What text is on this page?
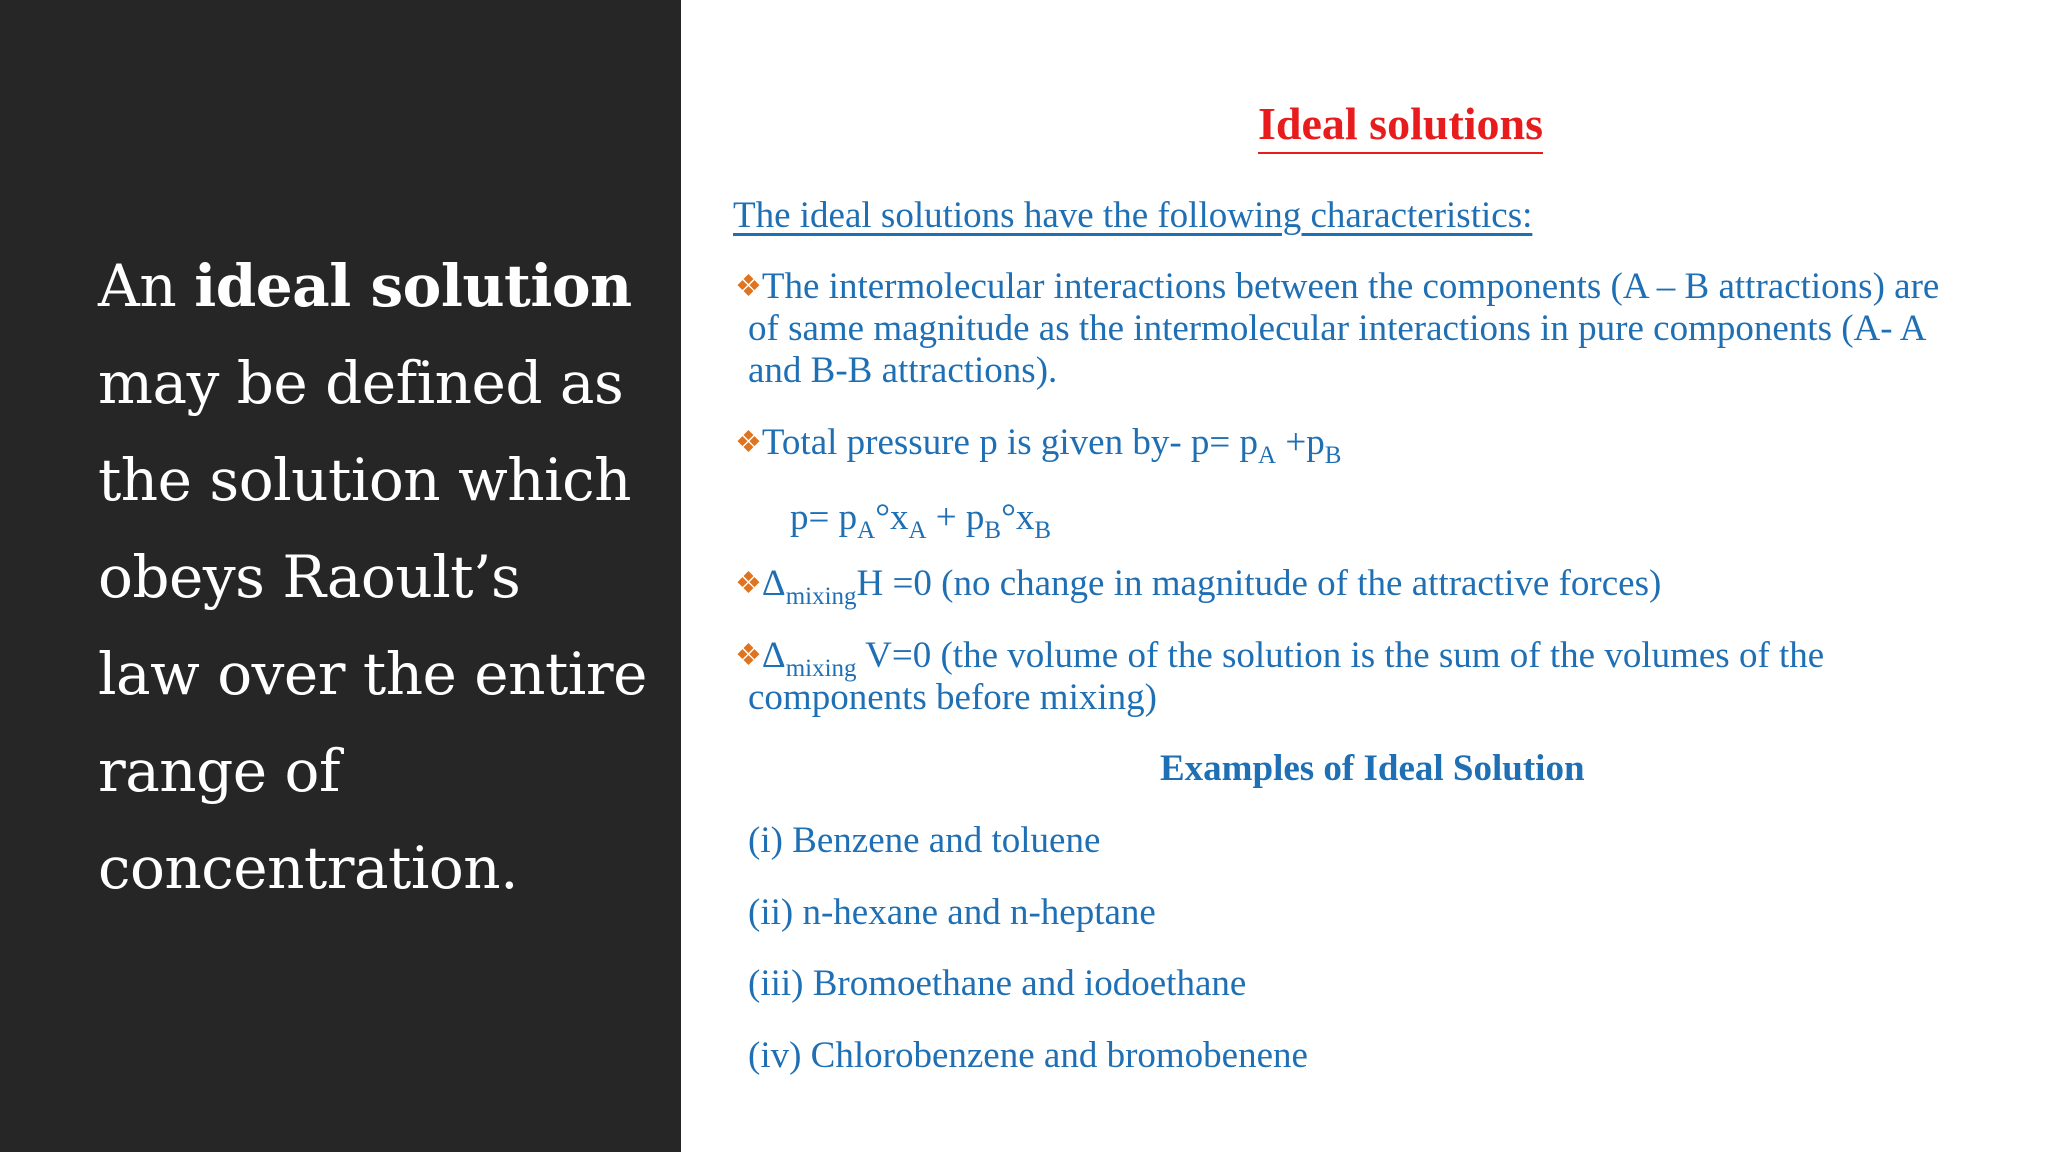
An ideal solution
may be defined as
the solution which
obeys Raoult’s
law over the entire
range of
concentration.
Ideal solutions
The ideal solutions have the following characteristics:
❖The intermolecular interactions between the components (A – B attractions) are
of same magnitude as the intermolecular interactions in pure components (A- A
and B-B attractions).
❖Total pressure p is given by- $p= p_A +p_B$
$p= p_A^\circ x_A + p_B^\circ x_B$
$❖\Delta_{mixing}H =0$ (no change in magnitude of the attractive forces)
$❖\Delta_{mixing}$ V=0 (the volume of the solution is the sum of the volumes of the
components before mixing)
Examples of Ideal Solution
(i) Benzene and toluene
(ii) n-hexane and n-heptane
(iii) Bromoethane and iodoethane
(iv) Chlorobenzene and bromobenene
